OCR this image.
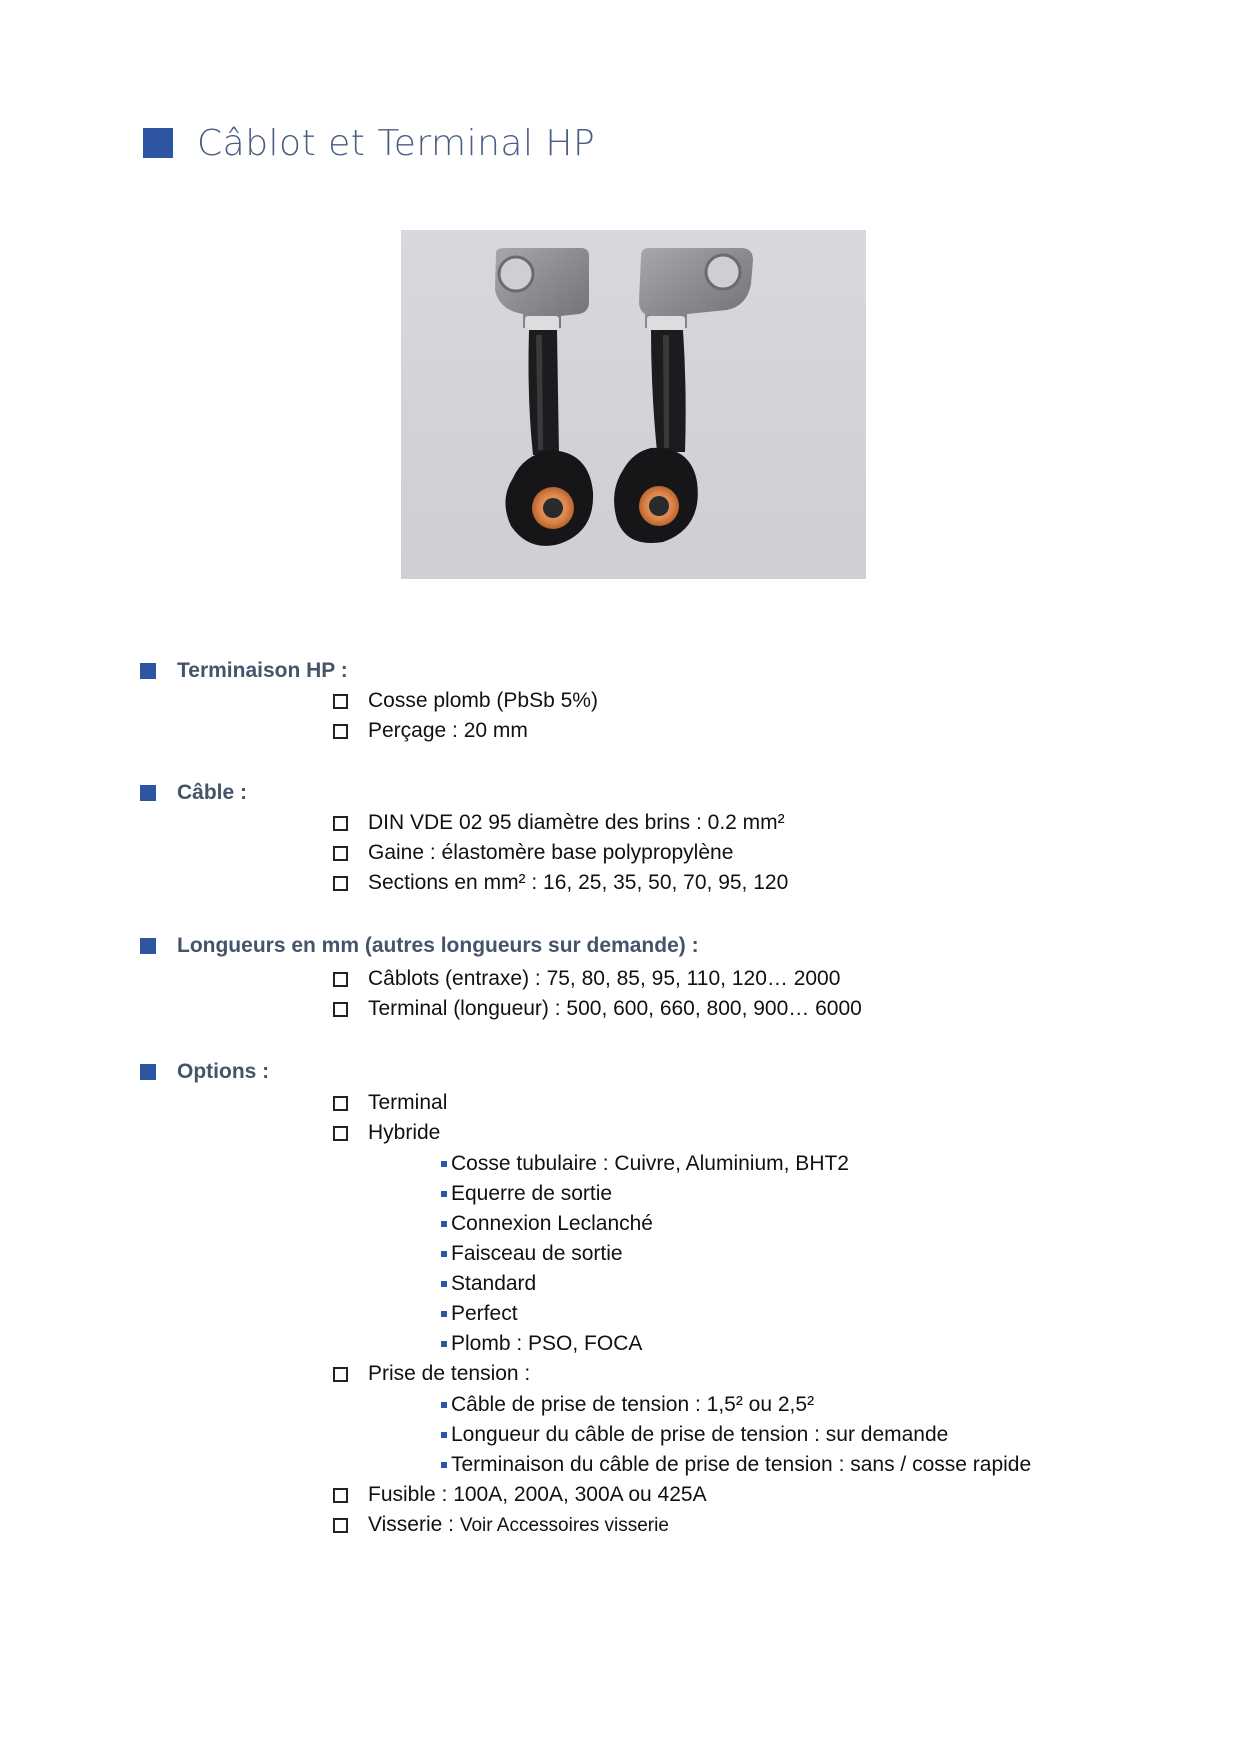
Câblot et Terminal HP
Terminaison HP :
Cosse plomb (PbSb 5%)
Perçage : 20 mm
Câble :
DIN VDE 02 95 diamètre des brins : 0.2 mm²
Gaine : élastomère base polypropylène
Sections en mm² : 16, 25, 35, 50, 70, 95, 120
Longueurs en mm (autres longueurs sur demande) :
Câblots (entraxe) : 75, 80, 85, 95, 110, 120… 2000
Terminal (longueur) : 500, 600, 660, 800, 900… 6000
Options :
Terminal
Hybride
Cosse tubulaire : Cuivre, Aluminium, BHT2
Equerre de sortie
Connexion Leclanché
Faisceau de sortie
Standard
Perfect
Plomb : PSO, FOCA
Prise de tension :
Câble de prise de tension : 1,5² ou 2,5²
Longueur du câble de prise de tension : sur demande
Terminaison du câble de prise de tension : sans / cosse rapide
Fusible : 100A, 200A, 300A ou 425A
Visserie : Voir Accessoires visserie
